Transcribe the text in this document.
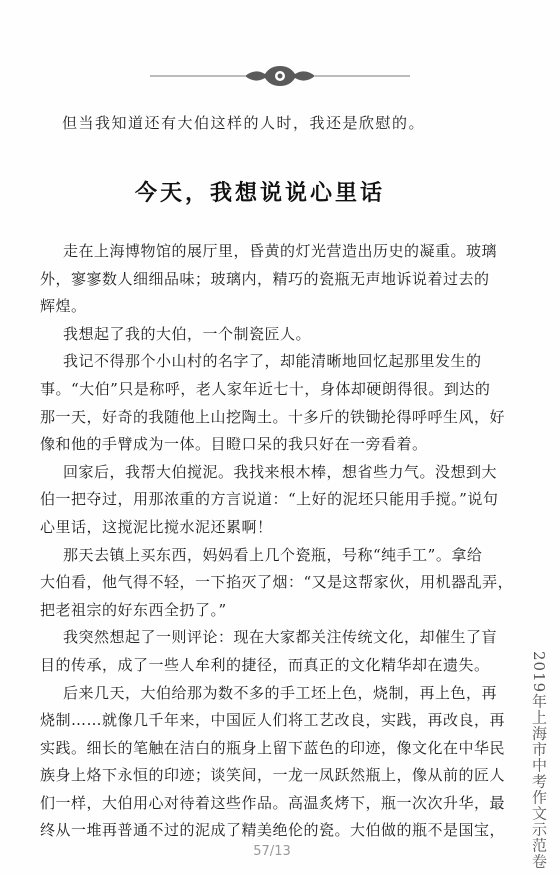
但当我知道还有大伯这样的人时，我还是欣慰的。
今天，我想说说心里话
走在上海博物馆的展厅里，昏黄的灯光营造出历史的凝重。玻璃
外，寥寥数人细细品味；玻璃内，精巧的瓷瓶无声地诉说着过去的
辉煌。
我想起了我的大伯，一个制瓷匠人。
我记不得那个小山村的名字了，却能清晰地回忆起那里发生的
事。“大伯”只是称呼，老人家年近七十，身体却硬朗得很。到达的
那一天，好奇的我随他上山挖陶土。十多斤的铁锄抡得呼呼生风，好
像和他的手臂成为一体。目瞪口呆的我只好在一旁看着。
回家后，我帮大伯搅泥。我找来根木棒，想省些力气。没想到大
伯一把夺过，用那浓重的方言说道：“上好的泥坯只能用手搅。”说句
心里话，这搅泥比搅水泥还累啊！
那天去镇上买东西，妈妈看上几个瓷瓶，号称“纯手工”。拿给
大伯看，他气得不轻，一下掐灭了烟：“又是这帮家伙，用机器乱弄，
把老祖宗的好东西全扔了。”
我突然想起了一则评论：现在大家都关注传统文化，却催生了盲
目的传承，成了一些人牟利的捷径，而真正的文化精华却在遗失。
后来几天，大伯给那为数不多的手工坯上色，烧制，再上色，再
烧制……就像几千年来，中国匠人们将工艺改良，实践，再改良，再
实践。细长的笔触在洁白的瓶身上留下蓝色的印迹，像文化在中华民
族身上烙下永恒的印迹；谈笑间，一龙一凤跃然瓶上，像从前的匠人
们一样，大伯用心对待着这些作品。高温炙烤下，瓶一次次升华，最
终从一堆再普通不过的泥成了精美绝伦的瓷。大伯做的瓶不是国宝， 2019年上海市中考作文示范卷
57/13
